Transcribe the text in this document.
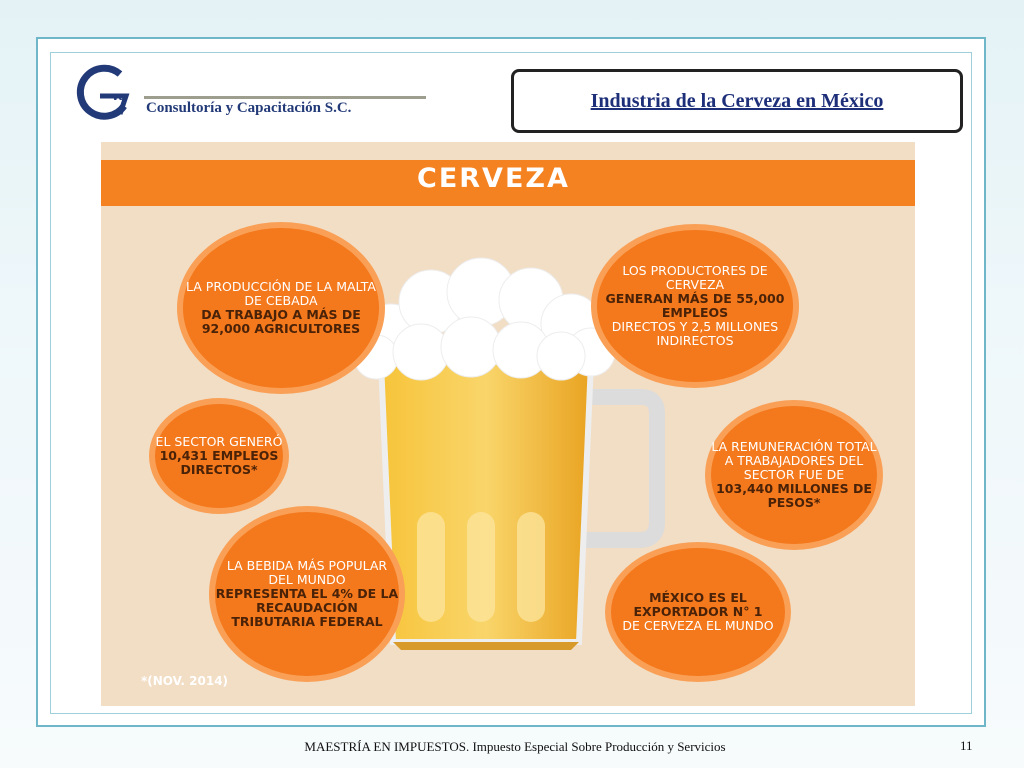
va
Consultoría y Capacitación S.C.	Industria de la Cerveza en México
CERVEZA
LA PRODUCCIÓN DE LA MALTA DE CEBADA
DA TRABAJO A MÁS DE 92,000 AGRICULTORES
LOS PRODUCTORES DE CERVEZA
GENERAN MÁS DE 55,000 EMPLEOS
DIRECTOS Y 2,5 MILLONES INDIRECTOS
EL SECTOR GENERÓ
10,431 EMPLEOS DIRECTOS*
LA REMUNERACIÓN TOTAL A TRABAJADORES DEL SECTOR FUE DE
103,440 MILLONES DE PESOS*
LA BEBIDA MÁS POPULAR DEL MUNDO
REPRESENTA EL 4% DE LA RECAUDACIÓN TRIBUTARIA FEDERAL
MÉXICO ES EL EXPORTADOR N° 1
DE CERVEZA EL MUNDO
*(NOV. 2014)
MAESTRÍA EN IMPUESTOS. Impuesto Especial Sobre Producción y Servicios	11
